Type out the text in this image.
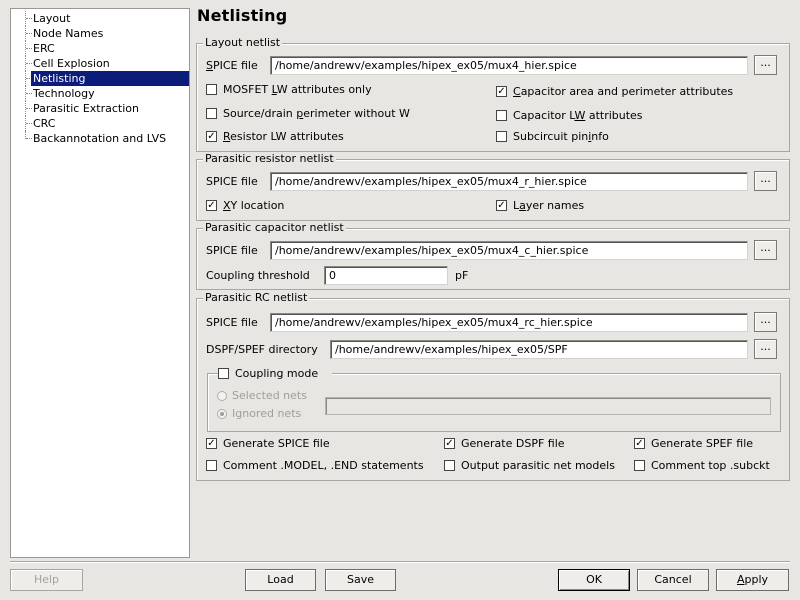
Layout
Node Names
ERC
Cell Explosion
Netlisting
Technology
Parasitic Extraction
CRC
Backannotation and LVS
Netlisting
Layout netlist
SPICE file	/home/andrewv/examples/hipex_ex05/mux4_hier.spice	...
MOSFET LW attributes only	✓ Capacitor area and perimeter attributes
Source/drain perimeter without W	Capacitor LW attributes
✓ Resistor LW attributes	Subcircuit pininfo
Parasitic resistor netlist
SPICE file	/home/andrewv/examples/hipex_ex05/mux4_r_hier.spice	...
✓ XY location	✓ Layer names
Parasitic capacitor netlist
SPICE file	/home/andrewv/examples/hipex_ex05/mux4_c_hier.spice	...
Coupling threshold	0	pF
Parasitic RC netlist
SPICE file	/home/andrewv/examples/hipex_ex05/mux4_rc_hier.spice	...
DSPF/SPEF directory	/home/andrewv/examples/hipex_ex05/SPF	...
Coupling mode
Selected nets
Ignored nets
✓ Generate SPICE file	✓ Generate DSPF file	✓ Generate SPEF file
Comment .MODEL, .END statements	Output parasitic net models	Comment top .subckt
Help	Load	Save	OK	Cancel	Apply
